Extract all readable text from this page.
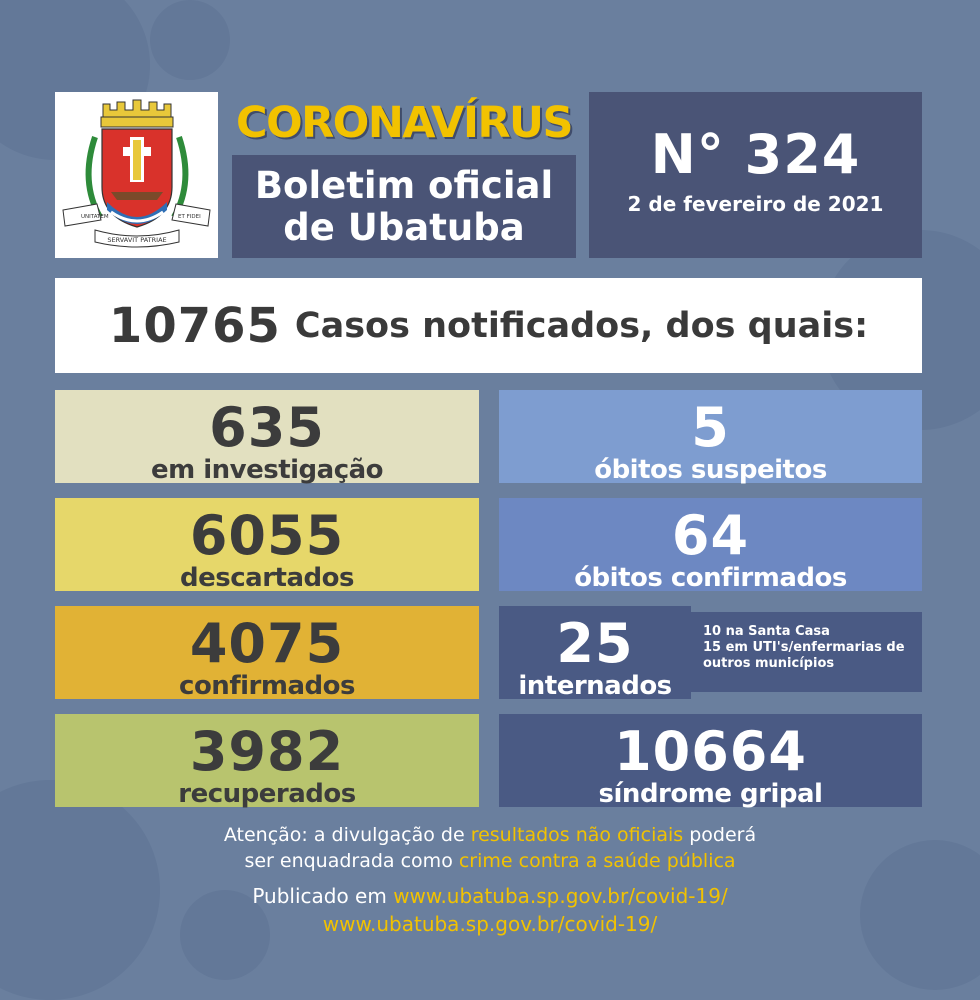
UNITATEM	ET FIDEI
SERVAVIT PATRIAE
CORONAVÍRUS
Boletim oficial
de Ubatuba
N° 324
2 de fevereiro de 2021
10765 Casos notificados, dos quais:
635
em investigação
6055
descartados
4075
confirmados
3982
recuperados
5
óbitos suspeitos
64
óbitos confirmados
25
internados
10 na Santa Casa
15 em UTI's/enfermarias de
outros municípios
10664
síndrome gripal
Atenção: a divulgação de resultados não oficiais poderá
ser enquadrada como crime contra a saúde pública
Publicado em www.ubatuba.sp.gov.br/covid-19/
www.ubatuba.sp.gov.br/covid-19/
